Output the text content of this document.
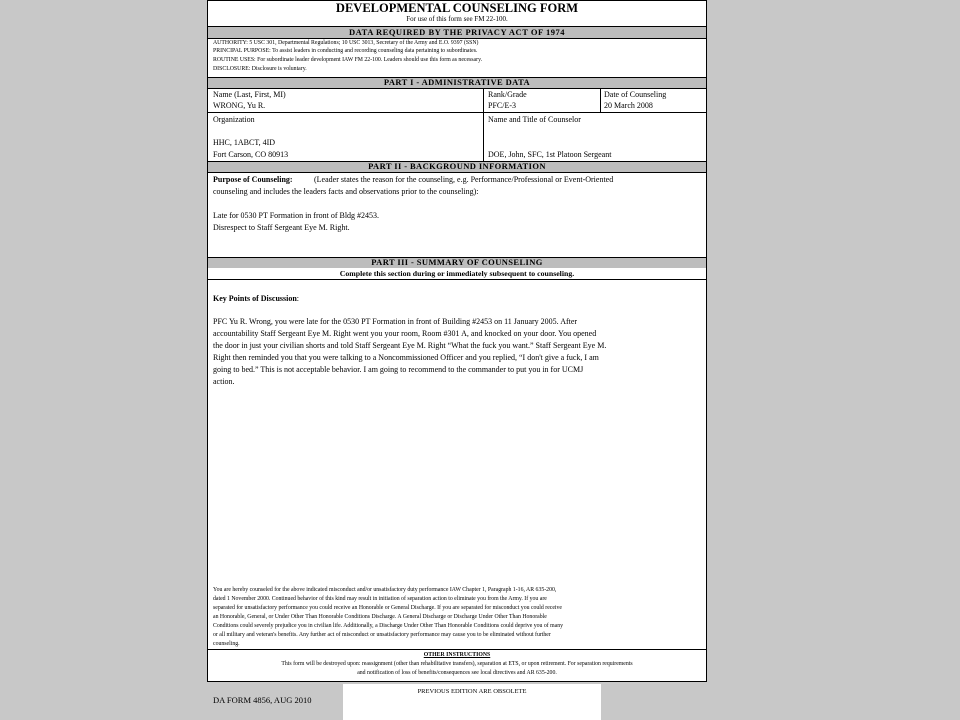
DEVELOPMENTAL COUNSELING FORM
For use of this form see FM 22-100.
DATA REQUIRED BY THE PRIVACY ACT OF 1974
AUTHORITY: 5 USC 301, Departmental Regulations; 10 USC 3013, Secretary of the Army and E.O. 9397 (SSN)
PRINCIPAL PURPOSE: To assist leaders in conducting and recording counseling data pertaining to subordinates.
ROUTINE USES: For subordinate leader development IAW FM 22-100. Leaders should use this form as necessary.
DISCLOSURE: Disclosure is voluntary.
PART I - ADMINISTRATIVE DATA
Name (Last, First, MI)
WRONG, Yu R.
Rank/Grade
PFC/E-3
Date of Counseling
20 March 2008
Organization
HHC, 1ABCT, 4ID
Fort Carson, CO 80913
Name and Title of Counselor
DOE, John, SFC, 1st Platoon Sergeant
PART II - BACKGROUND INFORMATION
Purpose of Counseling:	(Leader states the reason for the counseling, e.g. Performance/Professional or Event-Oriented
counseling and includes the leaders facts and observations prior to the counseling):
Late for 0530 PT Formation in front of Bldg #2453.
Disrespect to Staff Sergeant Eye M. Right.
PART III - SUMMARY OF COUNSELING
Complete this section during or immediately subsequent to counseling.
Key Points of Discussion:
PFC Yu R. Wrong, you were late for the 0530 PT Formation in front of Building #2453 on 11 January 2005. After
accountability Staff Sergeant Eye M. Right went you your room, Room #301 A, and knocked on your door. You opened
the door in just your civilian shorts and told Staff Sergeant Eye M. Right “What the fuck you want.” Staff Sergeant Eye M.
Right then reminded you that you were talking to a Noncommissioned Officer and you replied, “I don't give a fuck, I am
going to bed.” This is not acceptable behavior. I am going to recommend to the commander to put you in for UCMJ
action.
You are hereby counseled for the above indicated misconduct and/or unsatisfactory duty performance IAW Chapter 1, Paragraph 1-16, AR 635-200,
dated 1 November 2000. Continued behavior of this kind may result in initiation of separation action to eliminate you from the Army. If you are
separated for unsatisfactory performance you could receive an Honorable or General Discharge. If you are separated for misconduct you could receive
an Honorable, General, or Under Other Than Honorable Conditions Discharge. A General Discharge or Discharge Under Other Than Honorable
Conditions could severely prejudice you in civilian life. Additionally, a Discharge Under Other Than Honorable Conditions could deprive you of many
or all military and veteran's benefits. Any further act of misconduct or unsatisfactory performance may cause you to be eliminated without further
counseling.
OTHER INSTRUCTIONS
This form will be destroyed upon: reassignment (other than rehabilitative transfers), separation at ETS, or upon retirement. For separation requirements
and notification of loss of benefits/consequences see local directives and AR 635-200.
DA FORM 4856, AUG 2010
PREVIOUS EDITION ARE OBSOLETE
